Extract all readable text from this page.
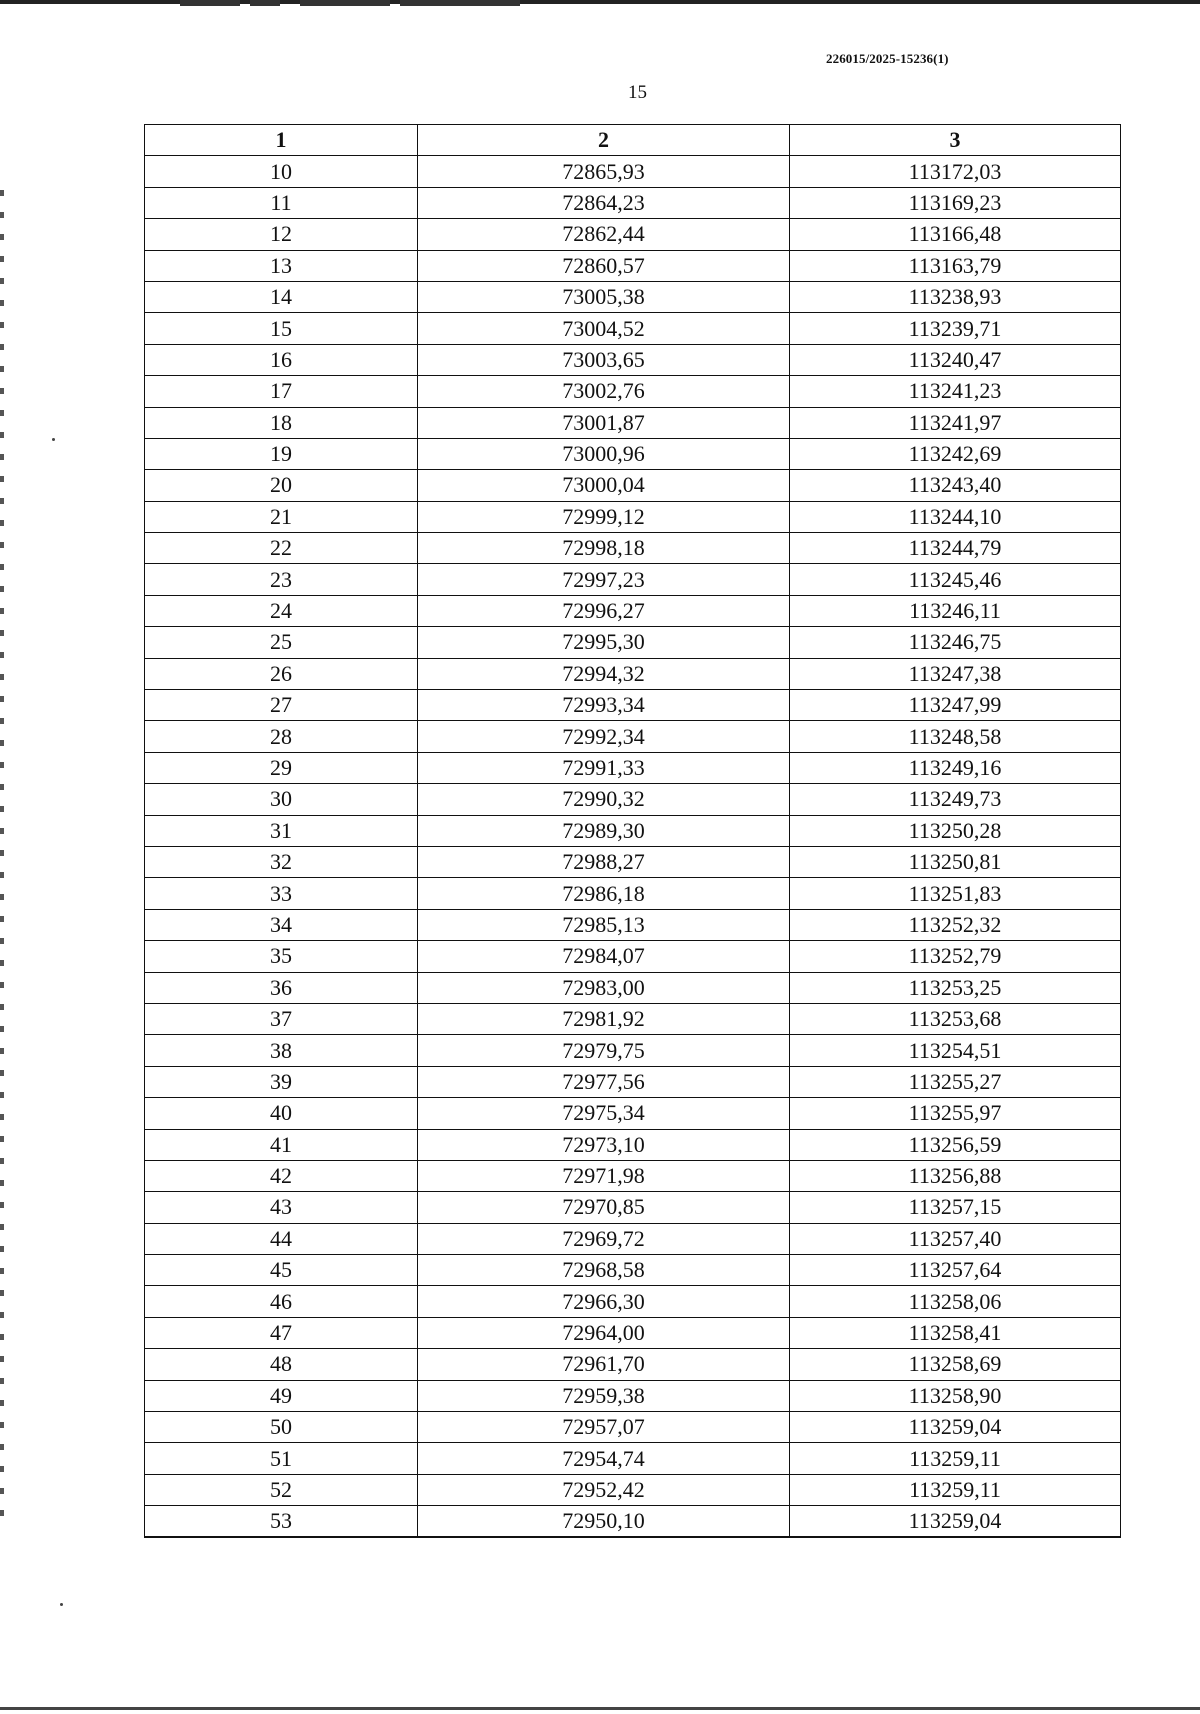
226015/2025-15236(1)
15
1	2	3
10	72865,93	113172,03
11	72864,23	113169,23
12	72862,44	113166,48
13	72860,57	113163,79
14	73005,38	113238,93
15	73004,52	113239,71
16	73003,65	113240,47
17	73002,76	113241,23
18	73001,87	113241,97
19	73000,96	113242,69
20	73000,04	113243,40
21	72999,12	113244,10
22	72998,18	113244,79
23	72997,23	113245,46
24	72996,27	113246,11
25	72995,30	113246,75
26	72994,32	113247,38
27	72993,34	113247,99
28	72992,34	113248,58
29	72991,33	113249,16
30	72990,32	113249,73
31	72989,30	113250,28
32	72988,27	113250,81
33	72986,18	113251,83
34	72985,13	113252,32
35	72984,07	113252,79
36	72983,00	113253,25
37	72981,92	113253,68
38	72979,75	113254,51
39	72977,56	113255,27
40	72975,34	113255,97
41	72973,10	113256,59
42	72971,98	113256,88
43	72970,85	113257,15
44	72969,72	113257,40
45	72968,58	113257,64
46	72966,30	113258,06
47	72964,00	113258,41
48	72961,70	113258,69
49	72959,38	113258,90
50	72957,07	113259,04
51	72954,74	113259,11
52	72952,42	113259,11
53	72950,10	113259,04
